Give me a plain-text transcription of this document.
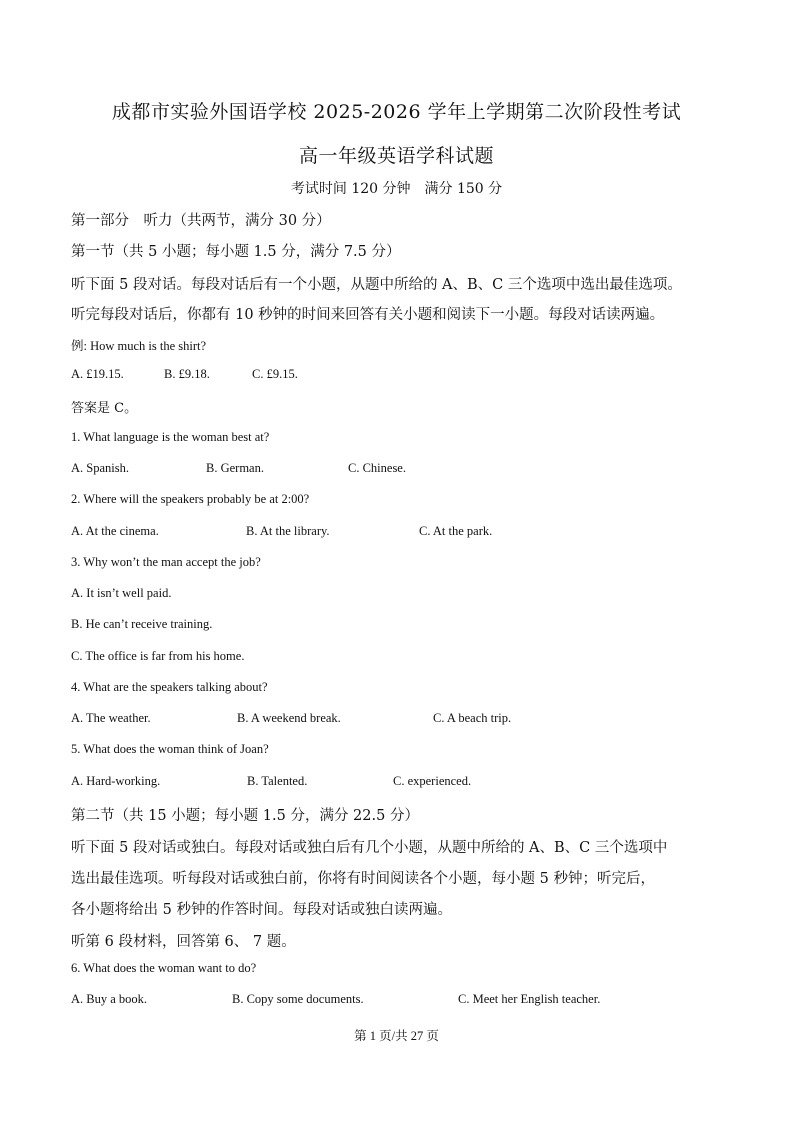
成都市实验外国语学校 2025-2026 学年上学期第二次阶段性考试
高一年级英语学科试题
考试时间 120 分钟　满分 150 分
第一部分　听力（共两节，满分 30 分）
第一节（共 5 小题；每小题 1.5 分，满分 7.5 分）
听下面 5 段对话。每段对话后有一个小题，从题中所给的 A、B、C 三个选项中选出最佳选项。
听完每段对话后，你都有 10 秒钟的时间来回答有关小题和阅读下一小题。每段对话读两遍。
例: How much is the shirt?
A. £19.15.	B. £9.18.	C. £9.15.
答案是 C。
1. What language is the woman best at?
A. Spanish.	B. German.	C. Chinese.
2. Where will the speakers probably be at 2:00?
A. At the cinema.	B. At the library.	C. At the park.
3. Why won’t the man accept the job?
A. It isn’t well paid.
B. He can’t receive training.
C. The office is far from his home.
4. What are the speakers talking about?
A. The weather.	B. A weekend break.	C. A beach trip.
5. What does the woman think of Joan?
A. Hard-working.	B. Talented.	C. experienced.
第二节（共 15 小题；每小题 1.5 分，满分 22.5 分）
听下面 5 段对话或独白。每段对话或独白后有几个小题，从题中所给的 A、B、C 三个选项中
选出最佳选项。听每段对话或独白前，你将有时间阅读各个小题，每小题 5 秒钟；听完后，
各小题将给出 5 秒钟的作答时间。每段对话或独白读两遍。
听第 6 段材料，回答第 6、 7 题。
6. What does the woman want to do?
A. Buy a book.	B. Copy some documents.	C. Meet her English teacher.
第 1 页/共 27 页
